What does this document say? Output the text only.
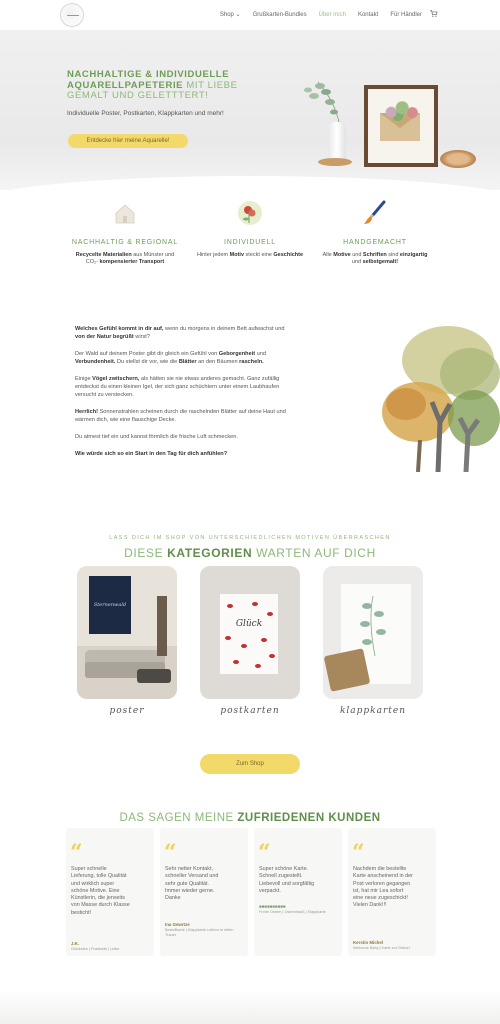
Shop ⌄ Grußkarten-Bundles Über mich Kontakt Für Händler
NACHHALTIGE & INDIVIDUELLE AQUARELLPAPETERIE MIT LIEBE GEMALT UND GELETTTERT!
Individuelle Poster, Postkarten, Klappkarten und mehr!
Entdecke hier meine Aquarelle!
NACHHALTIG & REGIONAL
Recycelte Materialien aus Münster und CO₂- kompensierter Transport
INDIVIDUELL
Hinter jedem Motiv steckt eine Geschichte
HANDGEMACHT
Alle Motive und Schriften sind einzigartig und selbstgemalt!

Welches Gefühl kommt in dir auf, wenn du morgens in deinem Bett aufwachst und von der Natur begrüßt wirst?

Der Wald auf deinem Poster gibt dir gleich ein Gefühl von Geborgenheit und Verbundenheit. Du stellst dir vor, wie die Blätter an den Bäumen rascheln.

Einige Vögel zwitschern, als hätten sie nie etwas anderes gemacht. Ganz zufällig entdeckst du einen kleinen Igel, der sich ganz schüchtern unter einem Laubhaufen versucht zu verstecken.

Herrlich! Sonnenstrahlen scheinen durch die raschelnden Blätter auf deine Haut und wärmen dich, wie eine flauschige Decke.

Du atmest tief ein und kannst förmlich die frische Luft schmecken.

Wie würde sich so ein Start in den Tag für dich anfühlen?

LASS DICH IM SHOP VON UNTERSCHIEDLICHEN MOTIVEN ÜBERRASCHEN
DIESE KATEGORIEN WARTEN AUF DICH
Sternenwald
Glück
poster	postkarten	klappkarten
Zum Shop
DAS SAGEN MEINE ZUFRIEDENEN KUNDEN
“
Super schnelle Lieferung, tolle Qualität und wirklich super schöne Motive. Eine Künstlerin, die jenseits von Masse durch Klasse besticht!
J.K.
Glücksfee | Postkarte | Liebe
“
Sehr netter Kontakt, schneller Versand und sehr gute Qualität. Immer wieder gerne. Danke
Ina Gewrtze
Bestellkarte | Klappkarte Lettern in reifen Trauer
“
Super schöne Karte. Schnell zugestellt. Liebevoll und sorgfältig verpackt.
■■■■■■■■■■
Frohe Ostern | Osterstrauß | Klappkarte
“
Nachdem die bestellte Karte anscheinend in der Post verloren gegangen ist, hat mir Lea sofort eine neue zugeschickt! Vielen Dank!!!
Kerstin Michel
Welcome Baby | Karte zur Geburt
